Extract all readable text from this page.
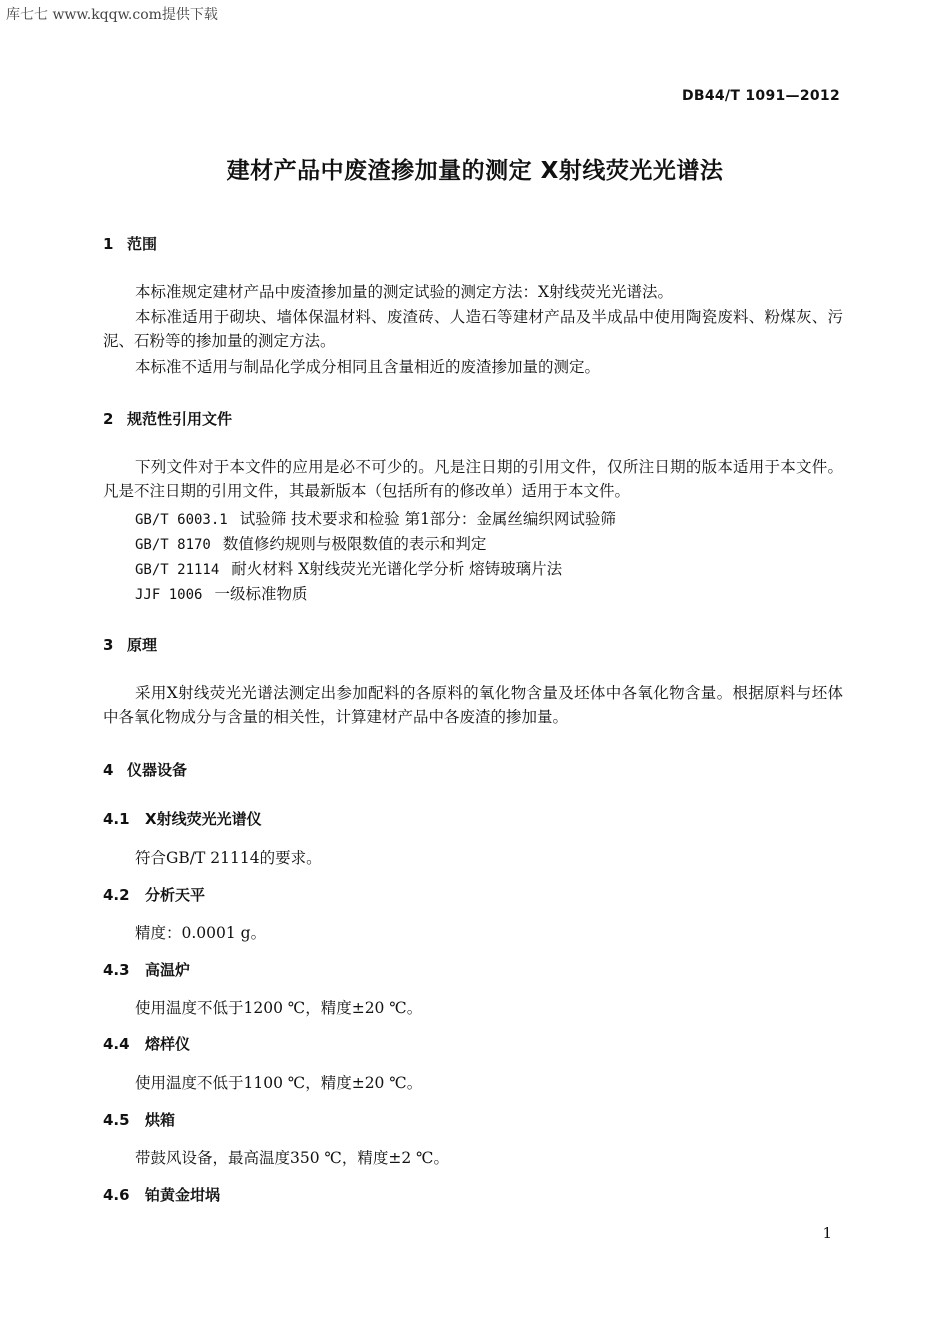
库七七 www.kqqw.com提供下载
DB44/T 1091—2012
建材产品中废渣掺加量的测定 X射线荧光光谱法
1 范围
本标准规定建材产品中废渣掺加量的测定试验的测定方法：X射线荧光光谱法。
本标准适用于砌块、墙体保温材料、废渣砖、人造石等建材产品及半成品中使用陶瓷废料、粉煤灰、污泥、石粉等的掺加量的测定方法。
本标准不适用与制品化学成分相同且含量相近的废渣掺加量的测定。
2 规范性引用文件
下列文件对于本文件的应用是必不可少的。凡是注日期的引用文件，仅所注日期的版本适用于本文件。凡是不注日期的引用文件，其最新版本（包括所有的修改单）适用于本文件。
GB/T 6003.1 试验筛 技术要求和检验 第1部分：金属丝编织网试验筛
GB/T 8170 数值修约规则与极限数值的表示和判定
GB/T 21114 耐火材料 X射线荧光光谱化学分析 熔铸玻璃片法
JJF 1006 一级标准物质
3 原理
采用X射线荧光光谱法测定出参加配料的各原料的氧化物含量及坯体中各氧化物含量。根据原料与坯体中各氧化物成分与含量的相关性，计算建材产品中各废渣的掺加量。
4 仪器设备
4.1 X射线荧光光谱仪
符合GB/T 21114的要求。
4.2 分析天平
精度：0.0001 g。
4.3 高温炉
使用温度不低于1200 ℃，精度±20 ℃。
4.4 熔样仪
使用温度不低于1100 ℃，精度±20 ℃。
4.5 烘箱
带鼓风设备，最高温度350 ℃，精度±2 ℃。
4.6 铂黄金坩埚
1
